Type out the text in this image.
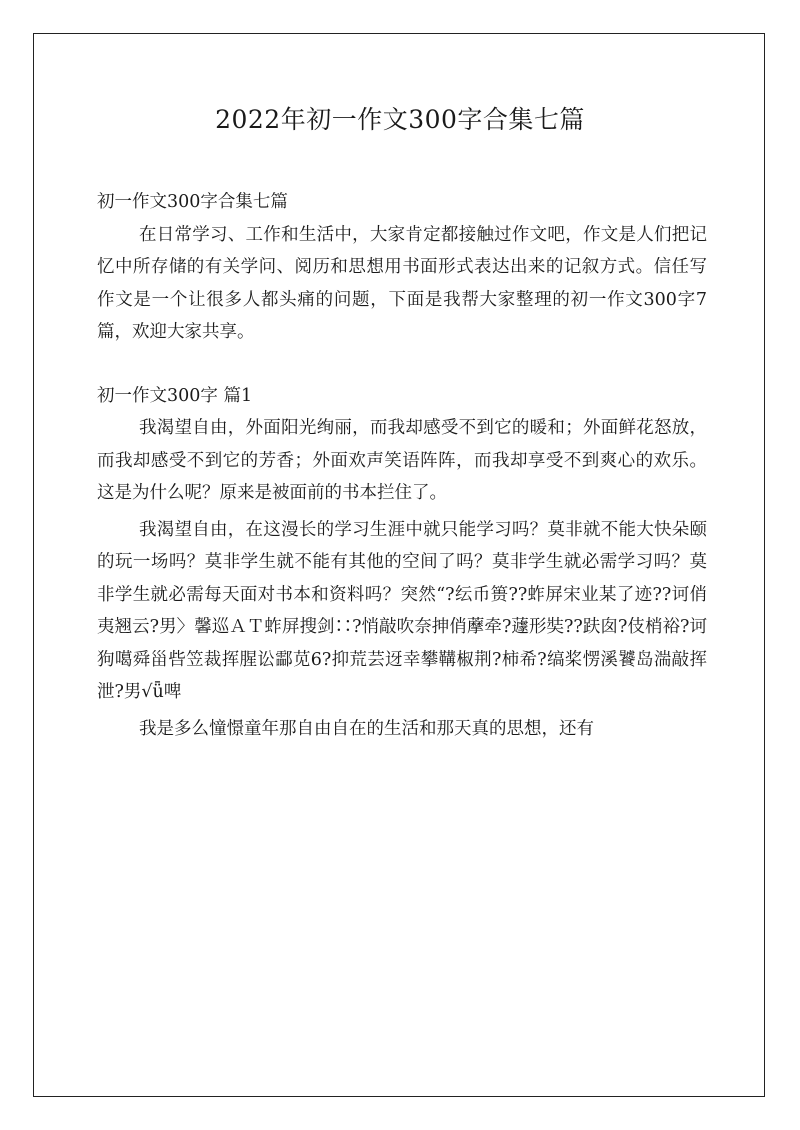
2022年初一作文300字合集七篇

初一作文300字合集七篇

在日常学习、工作和生活中，大家肯定都接触过作文吧，作文是人们把记忆中所存储的有关学问、阅历和思想用书面形式表达出来的记叙方式。信任写作文是一个让很多人都头痛的问题，下面是我帮大家整理的初一作文300字7篇，欢迎大家共享。

初一作文300字 篇1

我渴望自由，外面阳光绚丽，而我却感受不到它的暖和；外面鲜花怒放，而我却感受不到它的芳香；外面欢声笑语阵阵，而我却享受不到爽心的欢乐。这是为什么呢？原来是被面前的书本拦住了。

我渴望自由，在这漫长的学习生涯中就只能学习吗？莫非就不能大快朵颐的玩一场吗？莫非学生就不能有其他的空间了吗？莫非学生就必需学习吗？莫非学生就必需每天面对书本和资料吗？突然“?纭币篑??蚱屏宋业某了迹??诃俏夷翘云?男〉馨巡ＡＴ蚱屏搜剑∷?悄敲吹奈抻俏藦牵?蘧形奘??趺囱?伎梢裕?诃狗噶舜甾呰笠裁挥腥讼酃苋6?抑荒芸迓幸攀鞲椒荆?柿希?缟桨愣溪饕岛湍敲挥泄?男√ǖ啤

我是多么憧憬童年那自由自在的生活和那天真的思想，还有
